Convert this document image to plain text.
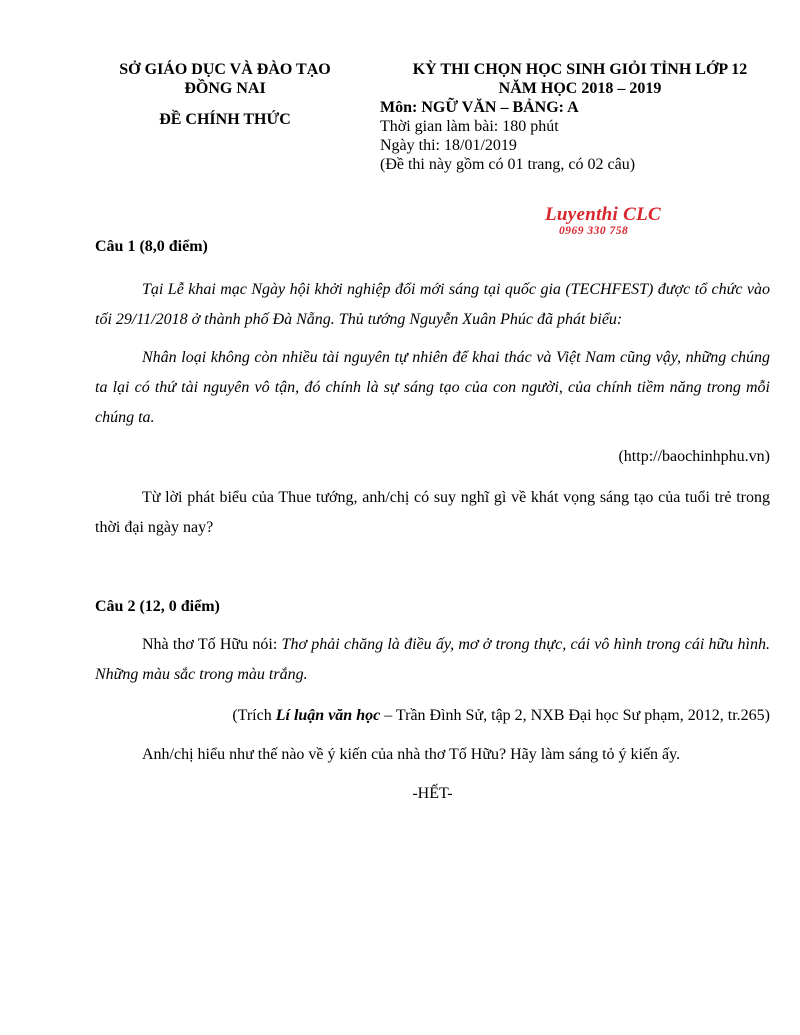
SỞ GIÁO DỤC VÀ ĐÀO TẠO
ĐỒNG NAI
ĐỀ CHÍNH THỨC
KỲ THI CHỌN HỌC SINH GIỎI TỈNH LỚP 12
NĂM HỌC 2018 – 2019
Môn: NGỮ VĂN – BẢNG: A
Thời gian làm bài: 180 phút
Ngày thi: 18/01/2019
(Đề thi này gồm có 01 trang, có 02 câu)
Luyenthi CLC
0969 330 758
Câu 1 (8,0 điểm)
Tại Lễ khai mạc Ngày hội khởi nghiệp đổi mới sáng tại quốc gia (TECHFEST) được tổ chức vào tối 29/11/2018 ở thành phố Đà Nẵng. Thủ tướng Nguyễn Xuân Phúc đã phát biểu:
Nhân loại không còn nhiều tài nguyên tự nhiên để khai thác và Việt Nam cũng vậy, những chúng ta lại có thứ tài nguyên vô tận, đó chính là sự sáng tạo của con người, của chính tiềm năng trong mỗi chúng ta.
(http://baochinhphu.vn)
Từ lời phát biểu của Thue tướng, anh/chị có suy nghĩ gì về khát vọng sáng tạo của tuổi trẻ trong thời đại ngày nay?
Câu 2 (12, 0 điểm)
Nhà thơ Tố Hữu nói: Thơ phải chăng là điều ấy, mơ ở trong thực, cái vô hình trong cái hữu hình. Những màu sắc trong màu trắng.
(Trích Lí luận văn học – Trần Đình Sử, tập 2, NXB Đại học Sư phạm, 2012, tr.265)
Anh/chị hiểu như thế nào về ý kiến của nhà thơ Tố Hữu? Hãy làm sáng tỏ ý kiến ấy.
-HẾT-
